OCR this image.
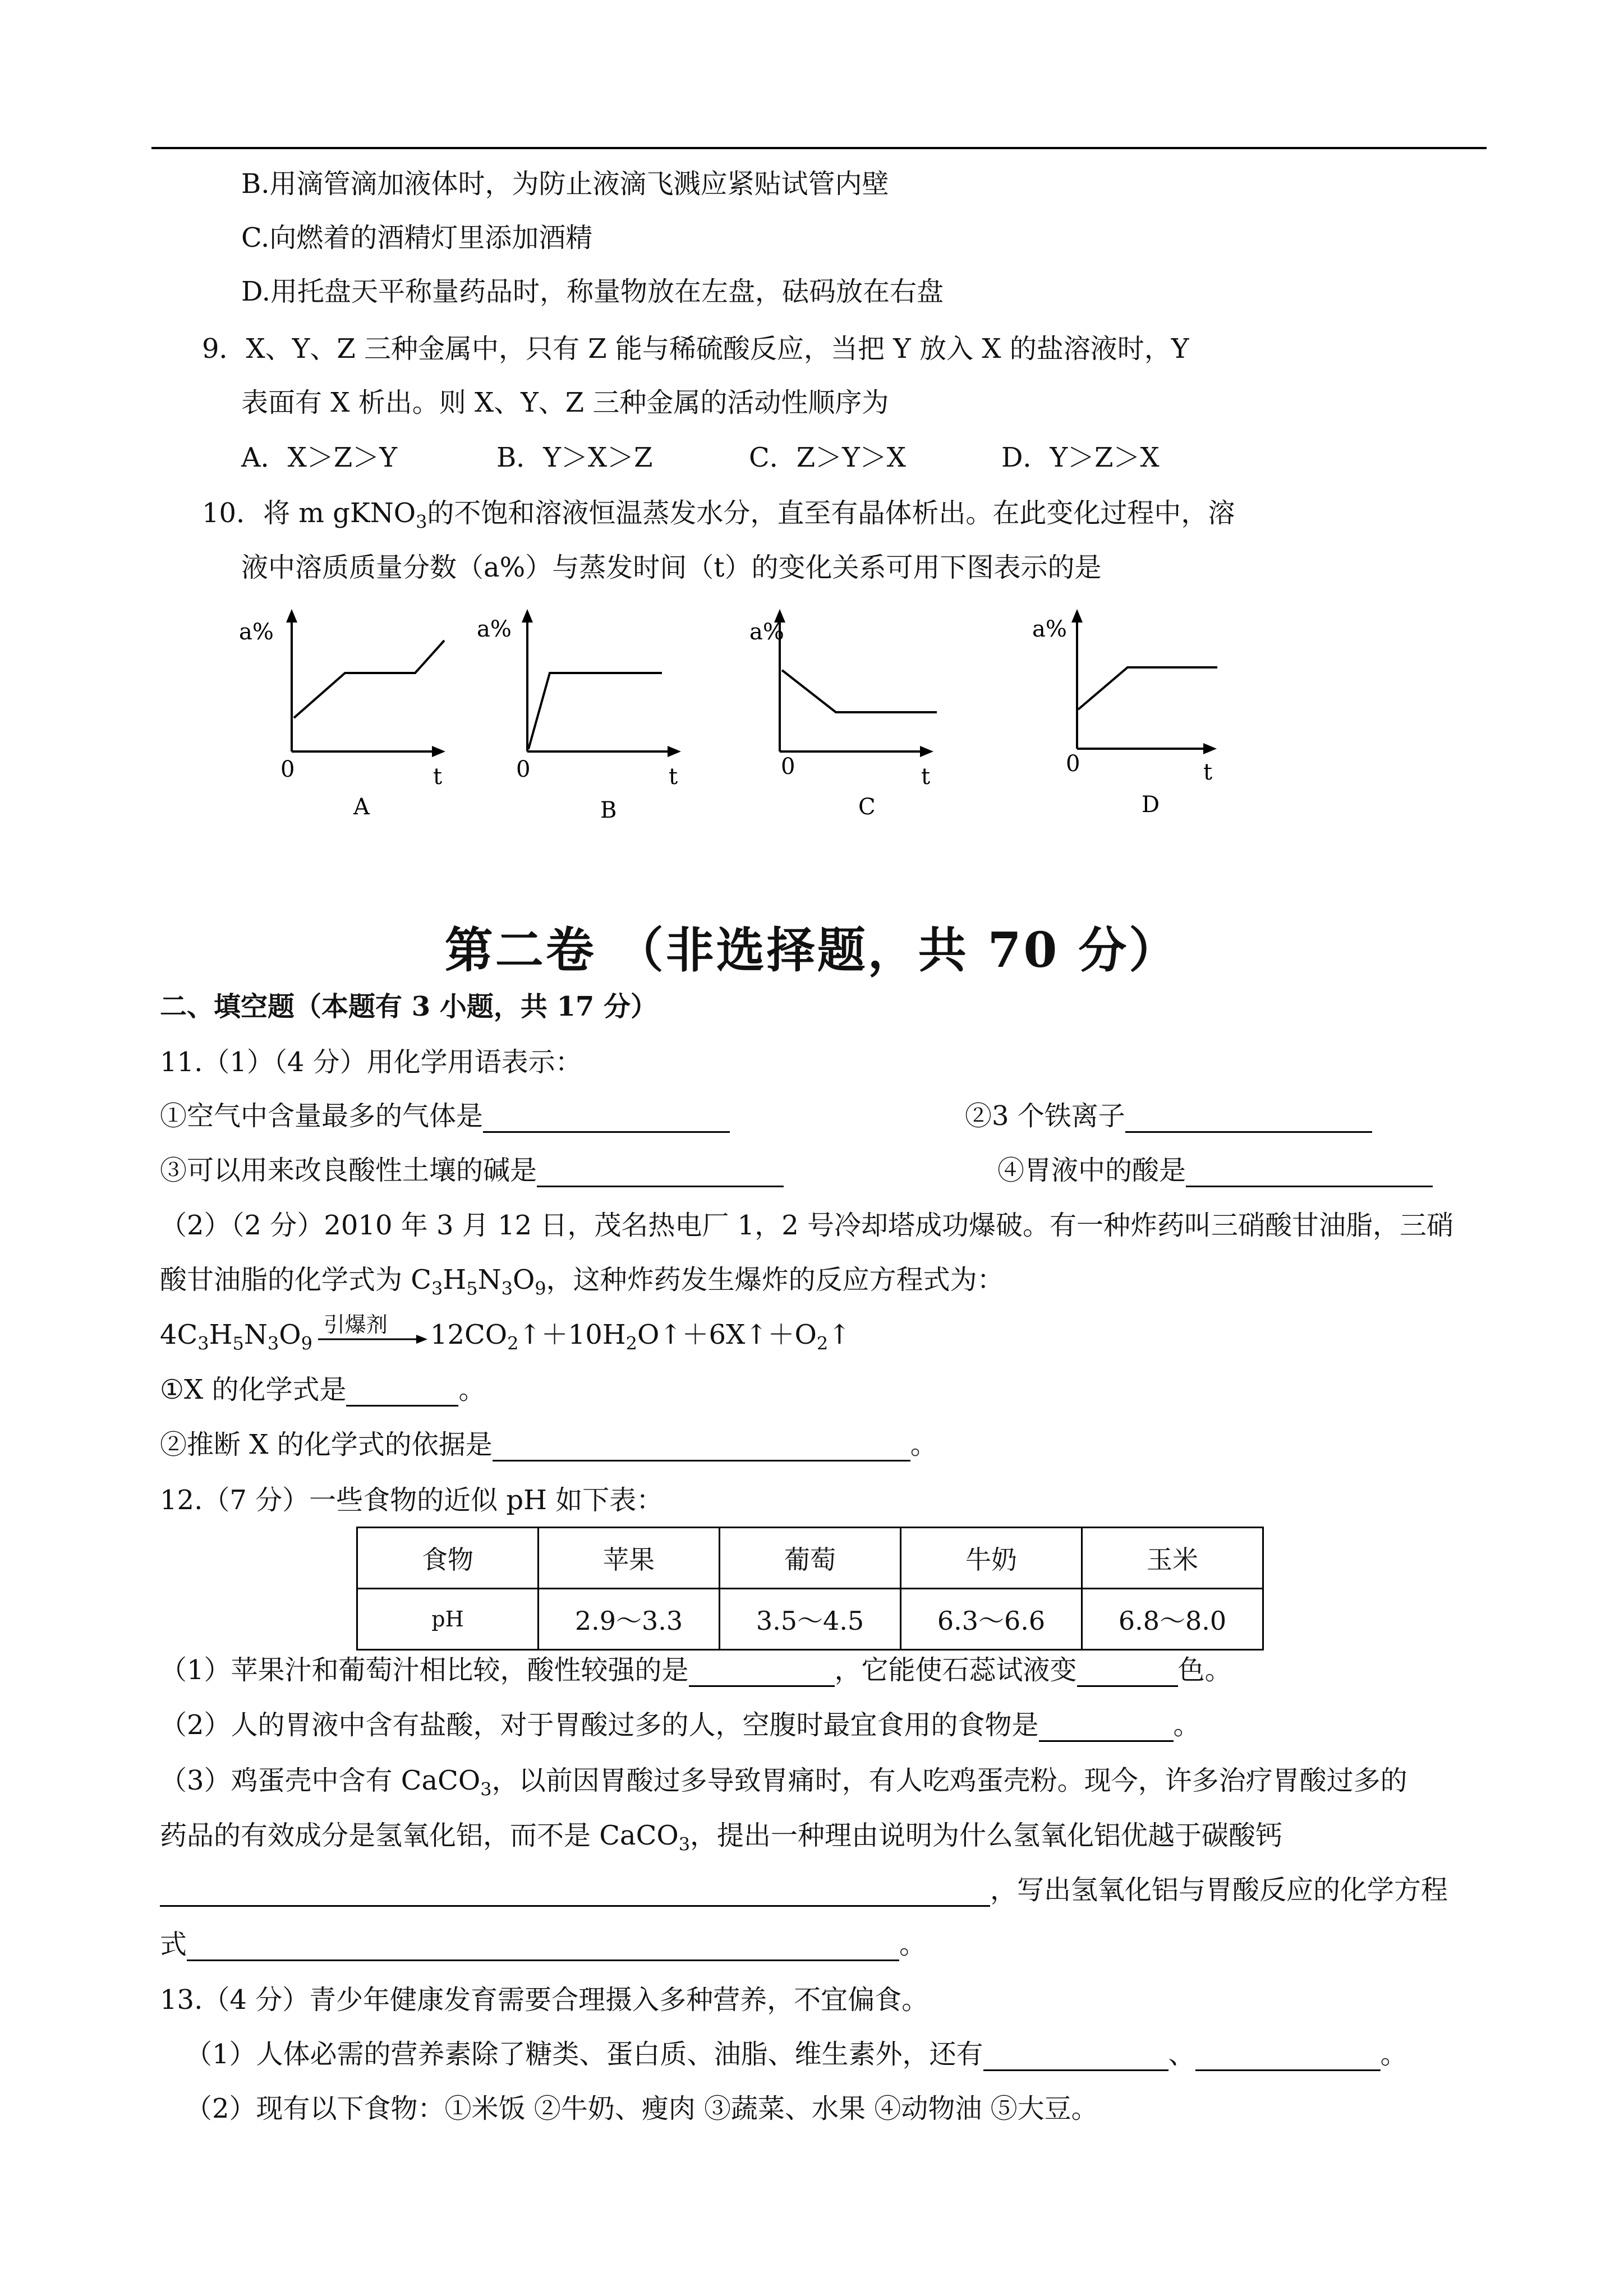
B.用滴管滴加液体时，为防止液滴飞溅应紧贴试管内壁
C.向燃着的酒精灯里添加酒精
D.用托盘天平称量药品时，称量物放在左盘，砝码放在右盘
9．X、Y、Z 三种金属中，只有 Z 能与稀硫酸反应，当把 Y 放入 X 的盐溶液时，Y
表面有 X 析出。则 X、Y、Z 三种金属的活动性顺序为
A．X＞Z＞Y	B．Y＞X＞Z	C．Z＞Y＞X	D．Y＞Z＞X
10．将 m gKNO$_3$的不饱和溶液恒温蒸发水分，直至有晶体析出。在此变化过程中，溶
液中溶质质量分数（a%）与蒸发时间（t）的变化关系可用下图表示的是
a%
0	t
A
a%
0	t
B
a%
0	t
C
a%
0	t
D
第二卷 （非选择题，共 70 分）
二、填空题（本题有 3 小题，共 17 分）
11.（1）（4 分）用化学用语表示：
①空气中含量最多的气体是	②3 个铁离子
③可以用来改良酸性土壤的碱是	④胃液中的酸是
（2）（2 分）2010 年 3 月 12 日，茂名热电厂 1，2 号冷却塔成功爆破。有一种炸药叫三硝酸甘油脂，三硝
酸甘油脂的化学式为 $C_3H_5N_3O_9$，这种炸药发生爆炸的反应方程式为：
$4C_3H_5N_3O_9$
引爆剂 $12CO_2↑+10H_2O↑+6X↑+O_2↑$
①X 的化学式是	。
②推断 X 的化学式的依据是	。
12.（7 分）一些食物的近似 pH 如下表：
食物	苹果	葡萄	牛奶	玉米
pH	2.9～3.3	3.5～4.5	6.3～6.6	6.8～8.0
（1）苹果汁和葡萄汁相比较，酸性较强的是	，它能使石蕊试液变	色。
（2）人的胃液中含有盐酸，对于胃酸过多的人，空腹时最宜食用的食物是	。
（3）鸡蛋壳中含有 CaCO$_3$，以前因胃酸过多导致胃痛时，有人吃鸡蛋壳粉。现今，许多治疗胃酸过多的
药品的有效成分是氢氧化铝，而不是 CaCO$_3$，提出一种理由说明为什么氢氧化铝优越于碳酸钙
，写出氢氧化铝与胃酸反应的化学方程
式	。
13.（4 分）青少年健康发育需要合理摄入多种营养，不宜偏食。
（1）人体必需的营养素除了糖类、蛋白质、油脂、维生素外，还有	、	。
（2）现有以下食物：①米饭 ②牛奶、瘦肉 ③蔬菜、水果 ④动物油 ⑤大豆。
